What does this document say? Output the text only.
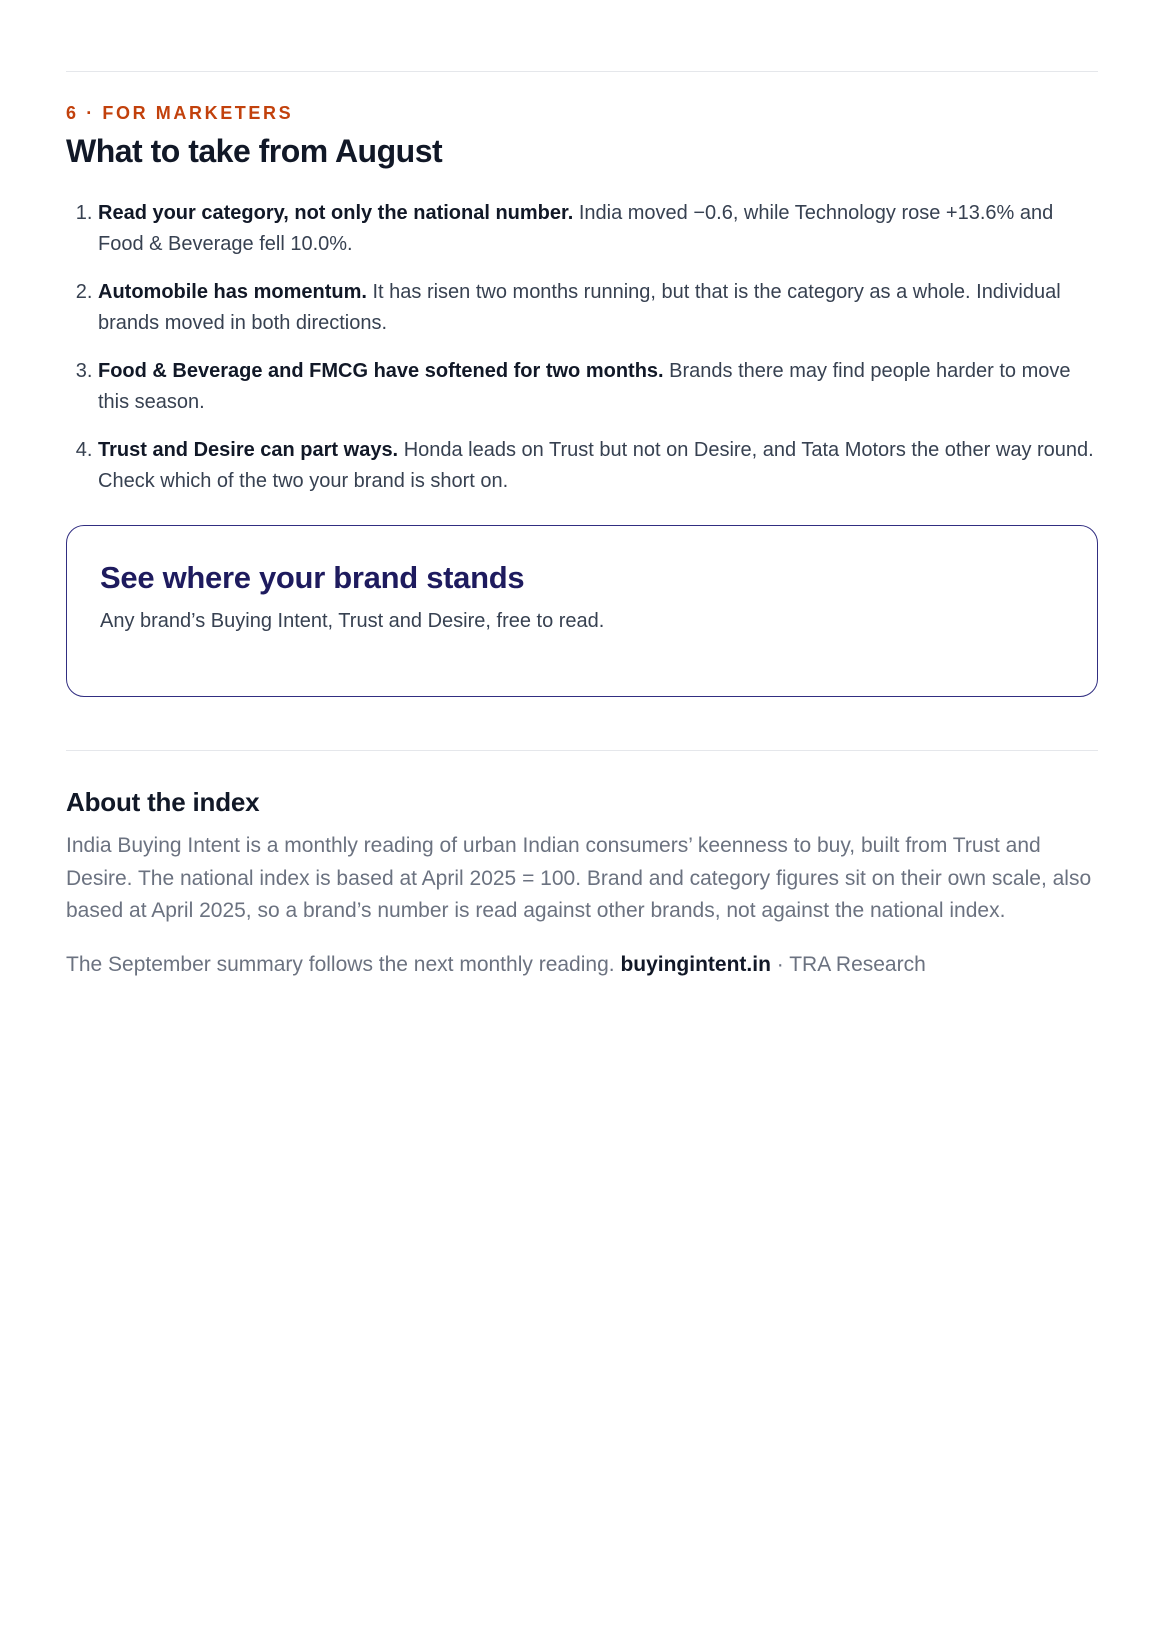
6 · FOR MARKETERS
What to take from August
1. Read your category, not only the national number. India moved −0.6, while Technology rose +13.6% and Food & Beverage fell 10.0%.
2. Automobile has momentum. It has risen two months running, but that is the category as a whole. Individual brands moved in both directions.
3. Food & Beverage and FMCG have softened for two months. Brands there may find people harder to move this season.
4. Trust and Desire can part ways. Honda leads on Trust but not on Desire, and Tata Motors the other way round. Check which of the two your brand is short on.
See where your brand stands
Any brand’s Buying Intent, Trust and Desire, free to read.
About the index
India Buying Intent is a monthly reading of urban Indian consumers’ keenness to buy, built from Trust and Desire. The national index is based at April 2025 = 100. Brand and category figures sit on their own scale, also based at April 2025, so a brand’s number is read against other brands, not against the national index.
The September summary follows the next monthly reading. buyingintent.in · TRA Research
